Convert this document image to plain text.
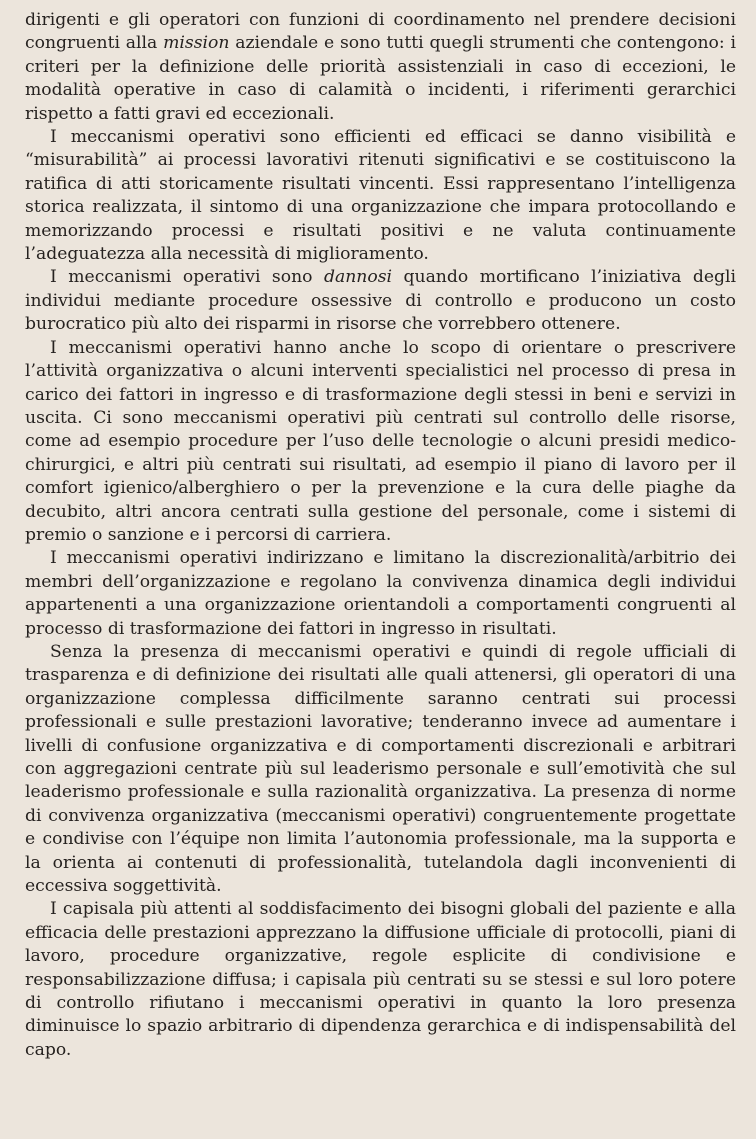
dirigenti e gli operatori con funzioni di coordinamento nel prendere decisioni congruenti alla mission aziendale e sono tutti quegli strumenti che contengono: i criteri per la definizione delle priorità assistenziali in caso di eccezioni, le modalità operative in caso di calamità o incidenti, i riferimenti gerarchici rispetto a fatti gravi ed eccezionali.

I meccanismi operativi sono efficienti ed efficaci se danno visibilità e “misurabilità” ai processi lavorativi ritenuti significativi e se costituiscono la ratifica di atti storicamente risultati vincenti. Essi rappresentano l’intelligenza storica realizzata, il sintomo di una organizzazione che impara protocollando e memorizzando processi e risultati positivi e ne valuta continuamente l’adeguatezza alla necessità di miglioramento.

I meccanismi operativi sono dannosi quando mortificano l’iniziativa degli individui mediante procedure ossessive di controllo e producono un costo burocratico più alto dei risparmi in risorse che vorrebbero ottenere.

I meccanismi operativi hanno anche lo scopo di orientare o prescrivere l’attività organizzativa o alcuni interventi specialistici nel processo di presa in carico dei fattori in ingresso e di trasformazione degli stessi in beni e servizi in uscita. Ci sono meccanismi operativi più centrati sul controllo delle risorse, come ad esempio procedure per l’uso delle tecnologie o alcuni presidi medico-chirurgici, e altri più centrati sui risultati, ad esempio il piano di lavoro per il comfort igienico/alberghiero o per la prevenzione e la cura delle piaghe da decubito, altri ancora centrati sulla gestione del personale, come i sistemi di premio o sanzione e i percorsi di carriera.

I meccanismi operativi indirizzano e limitano la discrezionalità/arbitrio dei membri dell’organizzazione e regolano la convivenza dinamica degli individui appartenenti a una organizzazione orientandoli a comportamenti congruenti al processo di trasformazione dei fattori in ingresso in risultati.

Senza la presenza di meccanismi operativi e quindi di regole ufficiali di trasparenza e di definizione dei risultati alle quali attenersi, gli operatori di una organizzazione complessa difficilmente saranno centrati sui processi professionali e sulle prestazioni lavorative; tenderanno invece ad aumentare i livelli di confusione organizzativa e di comportamenti discrezionali e arbitrari con aggregazioni centrate più sul leaderismo personale e sull’emotività che sul leaderismo professionale e sulla razionalità organizzativa. La presenza di norme di convivenza organizzativa (meccanismi operativi) congruentemente progettate e condivise con l’équipe non limita l’autonomia professionale, ma la supporta e la orienta ai contenuti di professionalità, tutelandola dagli inconvenienti di eccessiva soggettività.

I capisala più attenti al soddisfacimento dei bisogni globali del paziente e alla efficacia delle prestazioni apprezzano la diffusione ufficiale di protocolli, piani di lavoro, procedure organizzative, regole esplicite di condivisione e responsabilizzazione diffusa; i capisala più centrati su se stessi e sul loro potere di controllo rifiutano i meccanismi operativi in quanto la loro presenza diminuisce lo spazio arbitrario di dipendenza gerarchica e di indispensabilità del capo.
